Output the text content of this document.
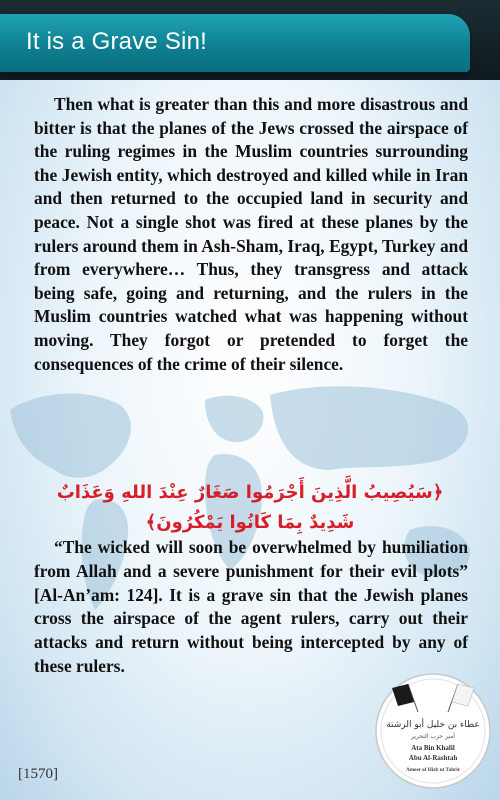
It is a Grave Sin!

Then what is greater than this and more disastrous and bitter is that the planes of the Jews crossed the airspace of the ruling regimes in the Muslim countries surrounding the Jewish entity, which destroyed and killed while in Iran and then returned to the occupied land in security and peace. Not a single shot was fired at these planes by the rulers around them in Ash-Sham, Iraq, Egypt, Turkey and from everywhere… Thus, they transgress and attack being safe, going and returning, and the rulers in the Muslim countries watched what was happening without moving. They forgot or pretended to forget the consequences of the crime of their silence.

﴿سَيُصِيبُ الَّذِينَ أَجْرَمُوا صَغَارٌ عِنْدَ اللهِ وَعَذَابٌ شَدِيدٌ بِمَا كَانُوا يَمْكُرُونَ﴾

“The wicked will soon be overwhelmed by humiliation from Allah and a severe punishment for their evil plots” [Al-An’am: 124]. It is a grave sin that the Jewish planes cross the airspace of the agent rulers, carry out their attacks and return without being intercepted by any of these rulers.

[1570]
عطاء بن خليل أبو الرشتة
أمير حزب التحرير
Ata Bin Khalil
Abu Al-Rashtah
Ameer of Hizb ut Tahrir
